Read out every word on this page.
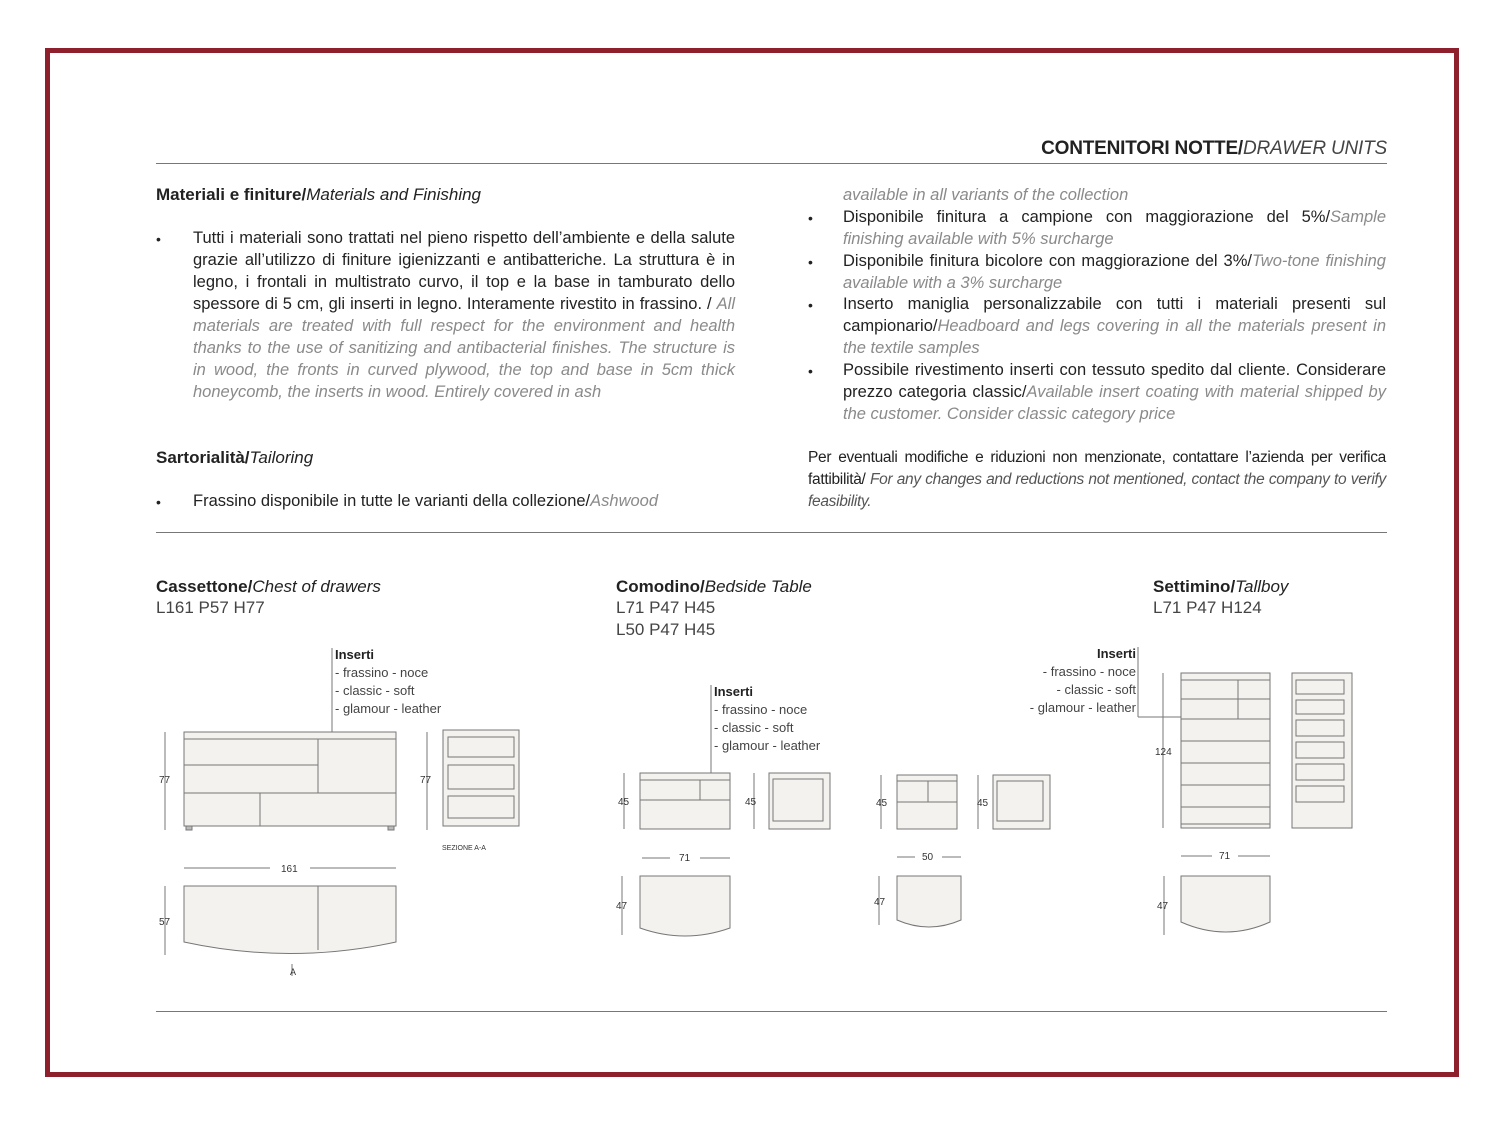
CONTENITORI NOTTE/DRAWER UNITS
Materiali e finiture/Materials and Finishing
• Tutti i materiali sono trattati nel pieno rispetto dell’ambiente e della salute grazie all’utilizzo di finiture igienizzanti e antibatteriche. La struttura è in legno, i frontali in multistrato curvo, il top e la base in tamburato dello spessore di 5 cm, gli inserti in legno. Interamente rivestito in frassino. / All materials are treated with full respect for the environment and health thanks to the use of sanitizing and antibacterial finishes. The structure is in wood, the fronts in curved plywood, the top and base in 5cm thick honeycomb, the inserts in wood. Entirely covered in ash
Sartorialità/Tailoring
• Frassino disponibile in tutte le varianti della collezione/Ashwood
available in all variants of the collection
• Disponibile finitura a campione con maggiorazione del 5%/Sample finishing available with 5% surcharge
• Disponibile finitura bicolore con maggiorazione del 3%/Two-tone finishing available with a 3% surcharge
• Inserto maniglia personalizzabile con tutti i materiali presenti sul campionario/Headboard and legs covering in all the materials present in the textile samples
• Possibile rivestimento inserti con tessuto spedito dal cliente. Considerare prezzo categoria classic/Available insert coating with material shipped by the customer. Consider classic category price
Per eventuali modifiche e riduzioni non menzionate, contattare l’azienda per verifica fattibilità/ For any changes and reductions not mentioned, contact the company to verify feasibility.
Cassettone/Chest of drawers
L161 P57 H77
Comodino/Bedside Table
L71 P47 H45
L50 P47 H45
Settimino/Tallboy
L71 P47 H124
Inserti
- frassino - noce
- classic - soft
- glamour - leather
Inserti
- frassino - noce
- classic - soft
- glamour - leather
Inserti
- frassino - noce
- classic - soft
- glamour - leather
77	77
161
57
SEZIONE A-A
A
45	45
71
47
45	45
50
47
124
71
47
